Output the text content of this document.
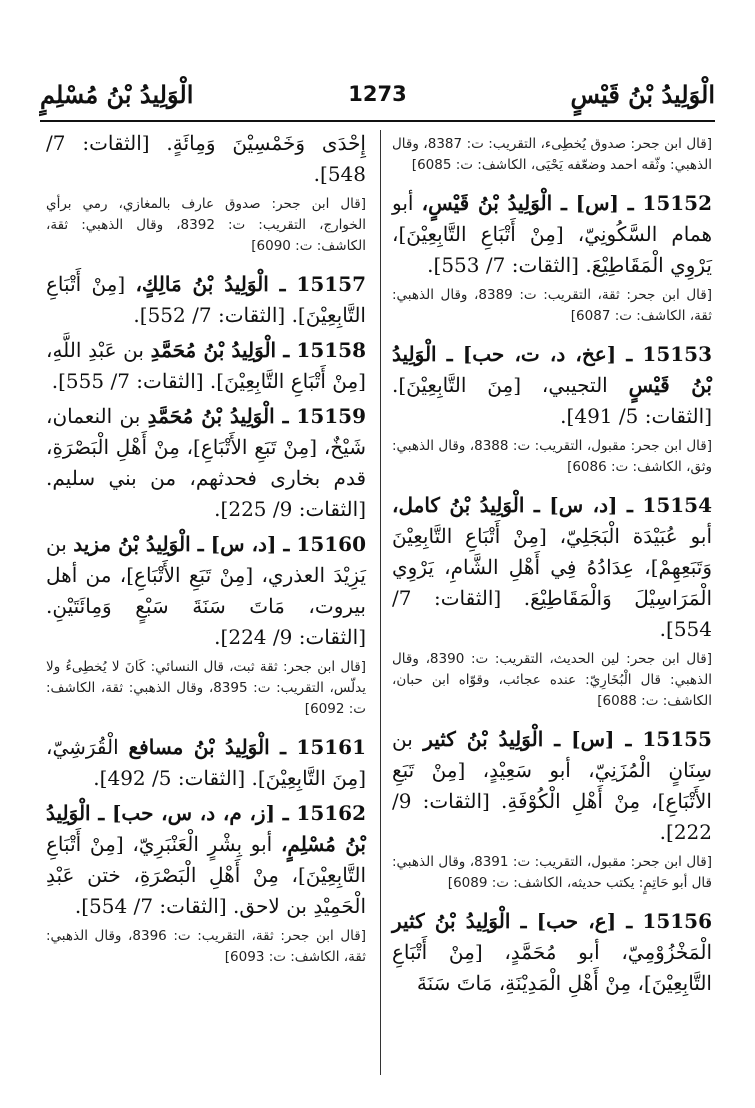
الْوَلِيدُ بْنُ قَيْسٍ
1273
الْوَلِيدُ بْنُ مُسْلِمٍ
[قال ابن جحر: صدوق يُخطِىء، التقريب: ت: 8387، وقال الذهبي: وثّقه احمد وضعّفه يَحْيَى، الكاشف: ت: 6085]
15152 ـ [س] ـ الْوَلِيدُ بْنُ قَيْسٍ، أبو همام السَّكُونِيّ، [مِنْ أَتْبَاعِ التَّابِعِيْنَ]، يَرْوِي الْمَقَاطِيْعَ. [الثقات: 7/ 553].
[قال ابن جحر: ثقة، التقريب: ت: 8389، وقال الذهبي: ثقة، الكاشف: ت: 6087]
15153 ـ [عخ، د، ت، حب] ـ الْوَلِيدُ بْنُ قَيْسٍ التجيبي، [مِنَ التَّابِعِيْنَ]. [الثقات: 5/ 491].
[قال ابن جحر: مقبول، التقريب: ت: 8388، وقال الذهبي: وثق، الكاشف: ت: 6086]
15154 ـ [د، س] ـ الْوَلِيدُ بْنُ كامل، أبو عُبَيْدَة الْبَجَلِيّ، [مِنْ أَتْبَاعِ التَّابِعِيْنَ وَتَبَعِهِمْ]، عِدَادُهُ فِي أَهْلِ الشَّامِ، يَرْوِي الْمَرَاسِيْلَ وَالْمَقَاطِيْعَ. [الثقات: 7/ 554].
[قال ابن جحر: لين الحديث، التقريب: ت: 8390، وقال الذهبي: قال الْبُخَارِيّ: عنده عجائب، وقوّاه ابن حبان، الكاشف: ت: 6088]
15155 ـ [س] ـ الْوَلِيدُ بْنُ كثير بن سِنَانٍ الْمُزَنِيّ، أبو سَعِيْدٍ، [مِنْ تَبَعِ الأَتْبَاعِ]، مِنْ أَهْلِ الْكُوْفَةِ. [الثقات: 9/ 222].
[قال ابن جحر: مقبول، التقريب: ت: 8391، وقال الذهبي: قال أبو حَاتِمٍ: يكتب حديثه، الكاشف: ت: 6089]
15156 ـ [ع، حب] ـ الْوَلِيدُ بْنُ كثير الْمَخْزُوْمِيّ، أبو مُحَمَّدٍ، [مِنْ أَتْبَاعِ التَّابِعِيْنَ]، مِنْ أَهْلِ الْمَدِيْنَةِ، مَاتَ سَنَةَ
إِحْدَى وَخَمْسِيْنَ وَمِائَةٍ. [الثقات: 7/ 548].
[قال ابن جحر: صدوق عارف بالمغازي، رمي برأي الخوارج، التقريب: ت: 8392، وقال الذهبي: ثقة، الكاشف: ت: 6090]
15157 ـ الْوَلِيدُ بْنُ مَالِكٍ، [مِنْ أَتْبَاعِ التَّابِعِيْنَ]. [الثقات: 7/ 552].
15158 ـ الْوَلِيدُ بْنُ مُحَمَّدِ بن عَبْدِ اللَّهِ، [مِنْ أَتْبَاعِ التَّابِعِيْنَ]. [الثقات: 7/ 555].
15159 ـ الْوَلِيدُ بْنُ مُحَمَّدِ بن النعمان، شَيْخٌ، [مِنْ تَبَعِ الأَتْبَاعِ]، مِنْ أَهْلِ الْبَصْرَةِ، قدم بخارى فحدثهم، من بني سليم. [الثقات: 9/ 225].
15160 ـ [د، س] ـ الْوَلِيدُ بْنُ مزيد بن يَزِيْدَ العذري، [مِنْ تَبَعِ الأَتْبَاعِ]، من أهل بيروت، مَاتَ سَنَةَ سَبْعٍ وَمِائَتَيْنِ. [الثقات: 9/ 224].
[قال ابن جحر: ثقة ثبت، قال النسائي: كَانَ لا يُخطِىءُ ولا يدلّس، التقريب: ت: 8395، وقال الذهبي: ثقة، الكاشف: ت: 6092]
15161 ـ الْوَلِيدُ بْنُ مسافع الْقُرَشِيّ، [مِنَ التَّابِعِيْنَ]. [الثقات: 5/ 492].
15162 ـ [ز، م، د، س، حب] ـ الْوَلِيدُ بْنُ مُسْلِمٍ، أبو بِشْرٍ الْعَنْبَرِيّ، [مِنْ أَتْبَاعِ التَّابِعِيْنَ]، مِنْ أَهْلِ الْبَصْرَةِ، ختن عَبْدِ الْحَمِيْدِ بن لاحق. [الثقات: 7/ 554].
[قال ابن جحر: ثقة، التقريب: ت: 8396، وقال الذهبي: ثقة، الكاشف: ت: 6093]
